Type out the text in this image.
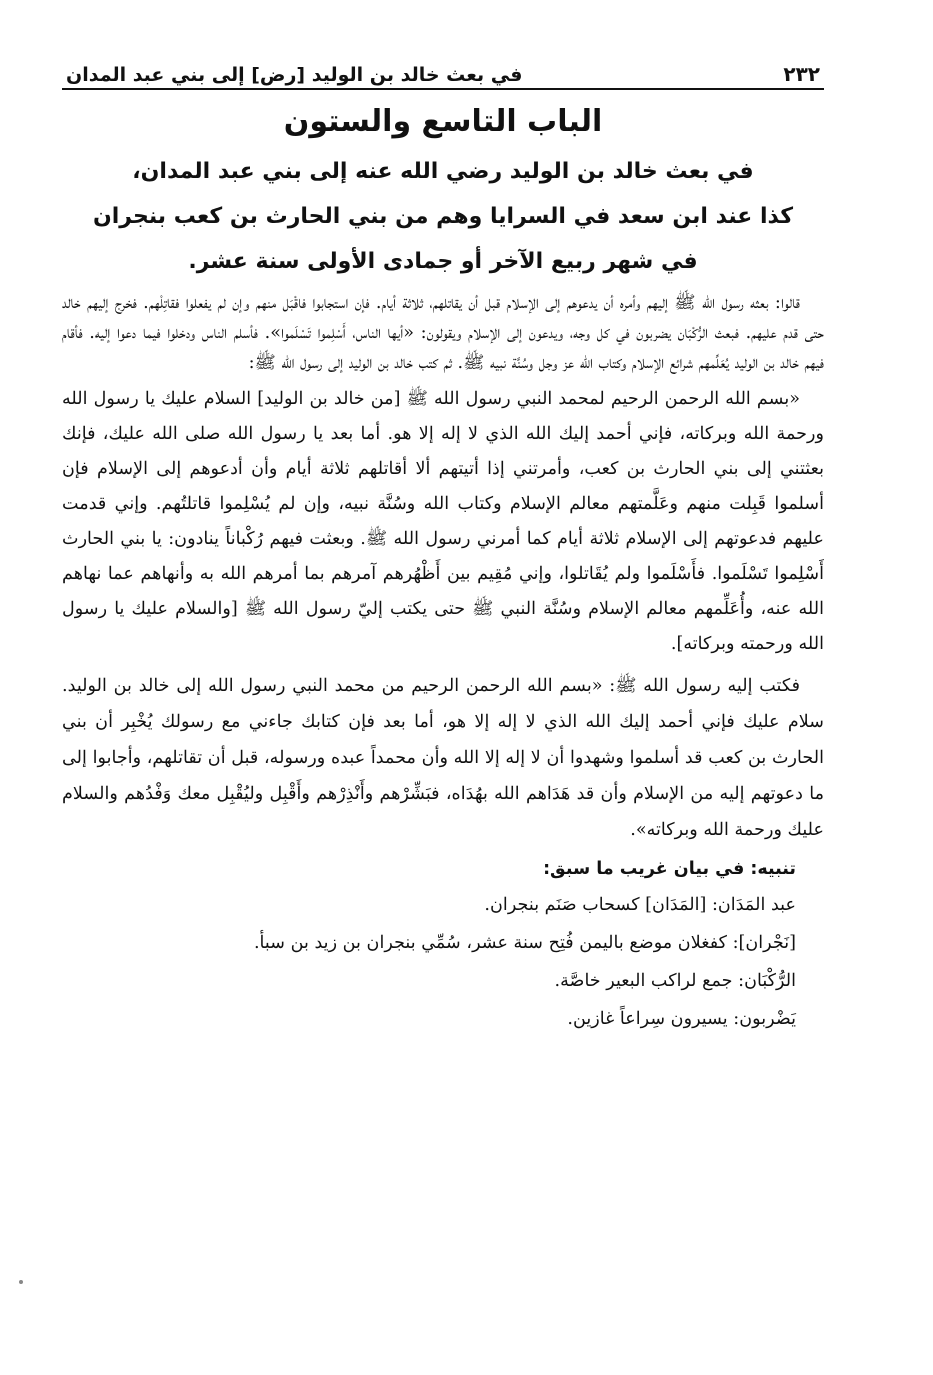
٢٣٢
في بعث خالد بن الوليد [رض] إلى بني عبد المدان
الباب التاسع والستون
في بعث خالد بن الوليد رضي الله عنه إلى بني عبد المدان،
كذا عند ابن سعد في السرايا وهم من بني الحارث بن كعب بنجران
في شهر ربيع الآخر أو جمادى الأولى سنة عشر.

قالوا: بعثه رسول الله ﷺ إليهم وأمره أن يدعوهم إلى الإسلام قبل أن يقاتلهم، ثلاثة أيام. فإن استجابوا فاقْبَل منهم وإن لم يفعلوا فقاتِلْهم. فخرج إليهم خالد حتى قدم عليهم. فبعث الرُّكْبَان يضربون في كل وجه، ويدعون إلى الإسلام ويقولون: «أيها الناس، أَسْلِموا تَسْلَموا». فأسلم الناس ودخلوا فيما دعوا إليه. فأقام فيهم خالد بن الوليد يُعَلِّمهم شرائع الإسلام وكتاب الله عز وجل وسُنَّة نبيه ﷺ. ثم كتب خالد بن الوليد إلى رسول الله ﷺ:

«بسم الله الرحمن الرحيم لمحمد النبي رسول الله ﷺ [من خالد بن الوليد] السلام عليك يا رسول الله ورحمة الله وبركاته، فإني أحمد إليك الله الذي لا إله إلا هو. أما بعد يا رسول الله صلى الله عليك، فإنك بعثتني إلى بني الحارث بن كعب، وأمرتني إذا أتيتهم ألا أقاتلهم ثلاثة أيام وأن أدعوهم إلى الإسلام فإن أسلموا قَبِلت منهم وعَلَّمتهم معالم الإسلام وكتاب الله وسُنَّة نبيه، وإن لم يُسْلِموا قاتلتُهم. وإني قدمت عليهم فدعوتهم إلى الإسلام ثلاثة أيام كما أمرني رسول الله ﷺ. وبعثت فيهم رُكْباناً ينادون: يا بني الحارث أَسْلِموا تَسْلَموا. فأَسْلَموا ولم يُقَاتلوا، وإني مُقِيم بين أَظْهُرهم آمرهم بما أمرهم الله به وأنهاهم عما نهاهم الله عنه، وأُعَلِّمهم معالم الإسلام وسُنَّة النبي ﷺ حتى يكتب إليّ رسول الله ﷺ [والسلام عليك يا رسول الله ورحمته وبركاته].

فكتب إليه رسول الله ﷺ: «بسم الله الرحمن الرحيم من محمد النبي رسول الله إلى خالد بن الوليد. سلام عليك فإني أحمد إليك الله الذي لا إله إلا هو، أما بعد فإن كتابك جاءني مع رسولك يُخْبِر أن بني الحارث بن كعب قد أسلموا وشهدوا أن لا إله إلا الله وأن محمداً عبده ورسوله، قبل أن تقاتلهم، وأجابوا إلى ما دعوتهم إليه من الإسلام وأن قد هَدَاهم الله بهُدَاه، فبَشِّرْهم وأَنْذِرْهم وأَقْبِل وليُقْبِل معك وَفْدُهم والسلام عليك ورحمة الله وبركاته».

تنبيه: في بيان غريب ما سبق:
عبد المَدَان: [المَدَان] كسحاب صَنَم بنجران.
[نَجْران]: كفغلان موضع باليمن فُتِح سنة عشر، سُمِّي بنجران بن زيد بن سبأ.
الرُّكْبَان: جمع لراكب البعير خاصَّة.
يَضْربون: يسيرون سِراعاً غازين.
